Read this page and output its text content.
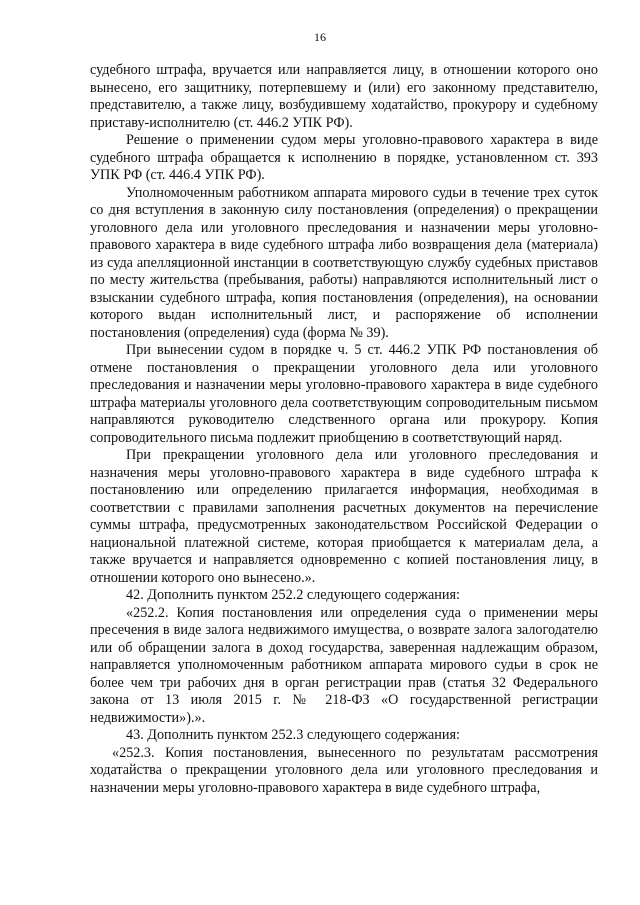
16

судебного штрафа, вручается или направляется лицу, в отношении которого оно вынесено, его защитнику, потерпевшему и (или) его законному представителю, представителю, а также лицу, возбудившему ходатайство, прокурору и судебному приставу-исполнителю (ст. 446.2 УПК РФ).

Решение о применении судом меры уголовно-правового характера в виде судебного штрафа обращается к исполнению в порядке, установленном ст. 393 УПК РФ (ст. 446.4 УПК РФ).

Уполномоченным работником аппарата мирового судьи в течение трех суток со дня вступления в законную силу постановления (определения) о прекращении уголовного дела или уголовного преследования и назначении меры уголовно-правового характера в виде судебного штрафа либо возвращения дела (материала) из суда апелляционной инстанции в соответствующую службу судебных приставов по месту жительства (пребывания, работы) направляются исполнительный лист о взыскании судебного штрафа, копия постановления (определения), на основании которого выдан исполнительный лист, и распоряжение об исполнении постановления (определения) суда (форма № 39).

При вынесении судом в порядке ч. 5 ст. 446.2 УПК РФ постановления об отмене постановления о прекращении уголовного дела или уголовного преследования и назначении меры уголовно-правового характера в виде судебного штрафа материалы уголовного дела соответствующим сопроводительным письмом направляются руководителю следственного органа или прокурору. Копия сопроводительного письма подлежит приобщению в соответствующий наряд.

При прекращении уголовного дела или уголовного преследования и назначения меры уголовно-правового характера в виде судебного штрафа к постановлению или определению прилагается информация, необходимая в соответствии с правилами заполнения расчетных документов на перечисление суммы штрафа, предусмотренных законодательством Российской Федерации о национальной платежной системе, которая приобщается к материалам дела, а также вручается и направляется одновременно с копией постановления лицу, в отношении которого оно вынесено.».

42. Дополнить пунктом 252.2 следующего содержания:

«252.2. Копия постановления или определения суда о применении меры пресечения в виде залога недвижимого имущества, о возврате залога залогодателю или об обращении залога в доход государства, заверенная надлежащим образом, направляется уполномоченным работником аппарата мирового судьи в срок не более чем три рабочих дня в орган регистрации прав (статья 32 Федерального закона от 13 июля 2015 г. № 218-ФЗ «О государственной регистрации недвижимости»).».

43. Дополнить пунктом 252.3 следующего содержания:

«252.3. Копия постановления, вынесенного по результатам рассмотрения ходатайства о прекращении уголовного дела или уголовного преследования и назначении меры уголовно-правового характера в виде судебного штрафа,
